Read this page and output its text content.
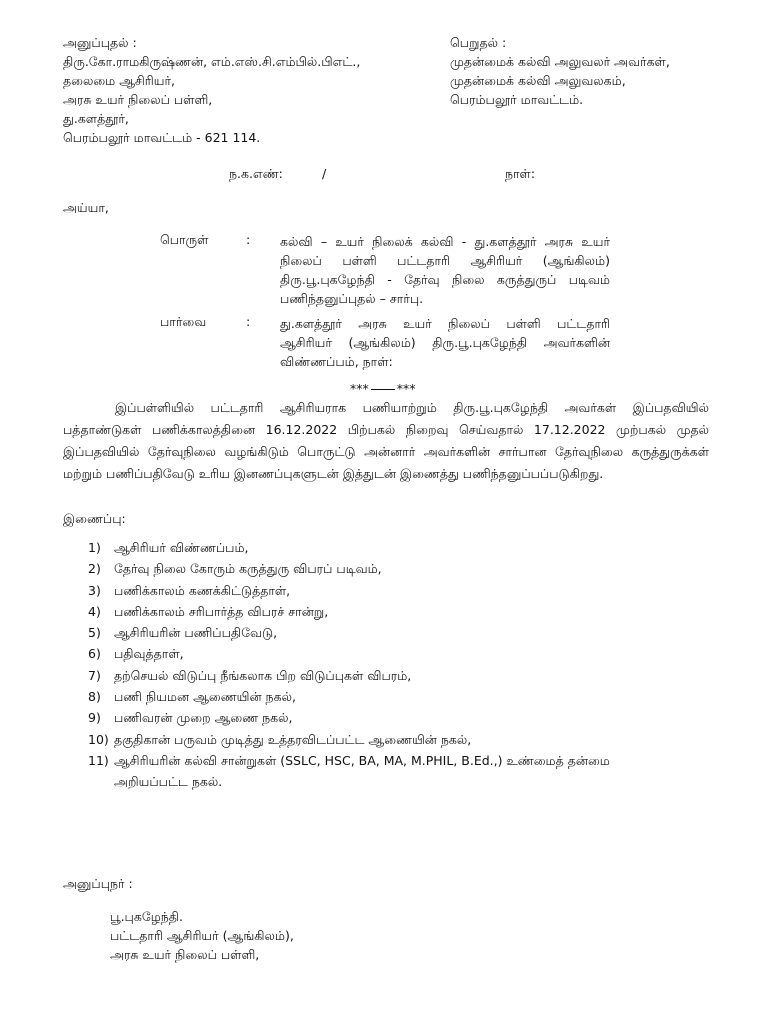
அனுப்புதல் :
திரு.கோ.ராமகிருஷ்ணன், எம்.எஸ்.சி.எம்பில்.பிஎட்.,
தலைமை ஆசிரியர்,
அரசு உயர் நிலைப் பள்ளி,
து.களத்தூர்,
பெரம்பலூர் மாவட்டம் - 621 114.
பெறுதல் :
முதன்மைக் கல்வி அலுவலர் அவர்கள்,
முதன்மைக் கல்வி அலுவலகம்,
பெரம்பலூர் மாவட்டம்.
ந.க.எண்:	/	நாள்:
அய்யா,
பொருள்	: கல்வி – உயர் நிலைக் கல்வி - து.களத்தூர் அரசு உயர்
நிலைப் பள்ளி பட்டதாரி ஆசிரியர் (ஆங்கிலம்)
திரு.பூ.புகழேந்தி - தேர்வு நிலை கருத்துருப் படிவம்
பணிந்தனுப்புதல் – சார்பு.
பார்வை	: து.களத்தூர் அரசு உயர் நிலைப் பள்ளி பட்டதாரி
ஆசிரியர் (ஆங்கிலம்) திரு.பூ.புகழேந்தி அவர்களின்
விண்ணப்பம், நாள்:
*** ***
இப்பள்ளியில் பட்டதாரி ஆசிரியராக பணியாற்றும் திரு.பூ.புகழேந்தி அவர்கள் இப்பதவியில் பத்தாண்டுகள் பணிக்காலத்தினை 16.12.2022 பிற்பகல் நிறைவு செய்வதால் 17.12.2022 முற்பகல் முதல் இப்பதவியில் தேர்வுநிலை வழங்கிடும் பொருட்டு அன்னார் அவர்களின் சார்பான தேர்வுநிலை கருத்துருக்கள் மற்றும் பணிப்பதிவேடு உரிய இனணப்புகளுடன் இத்துடன் இணைத்து பணிந்தனுப்பப்படுகிறது.
இணைப்பு:
1) ஆசிரியர் விண்ணப்பம்,
2) தேர்வு நிலை கோரும் கருத்துரு விபரப் படிவம்,
3) பணிக்காலம் கணக்கிட்டுத்தாள்,
4) பணிக்காலம் சரிபார்த்த விபரச் சான்று,
5) ஆசிரியரின் பணிப்பதிவேடு,
6) பதிவுத்தாள்,
7) தற்செயல் விடுப்பு நீங்கலாக பிற விடுப்புகள் விபரம்,
8) பணி நியமன ஆணையின் நகல்,
9) பணிவரன் முறை ஆணை நகல்,
10) தகுதிகான் பருவம் முடித்து உத்தரவிடப்பட்ட ஆணையின் நகல்,
11) ஆசிரியரின் கல்வி சான்றுகள் (SSLC, HSC, BA, MA, M.PHIL, B.Ed.,) உண்மைத் தன்மை
அறியப்பட்ட நகல்.
அனுப்புநர் :
பூ.புகழேந்தி.
பட்டதாரி ஆசிரியர் (ஆங்கிலம்),
அரசு உயர் நிலைப் பள்ளி,
